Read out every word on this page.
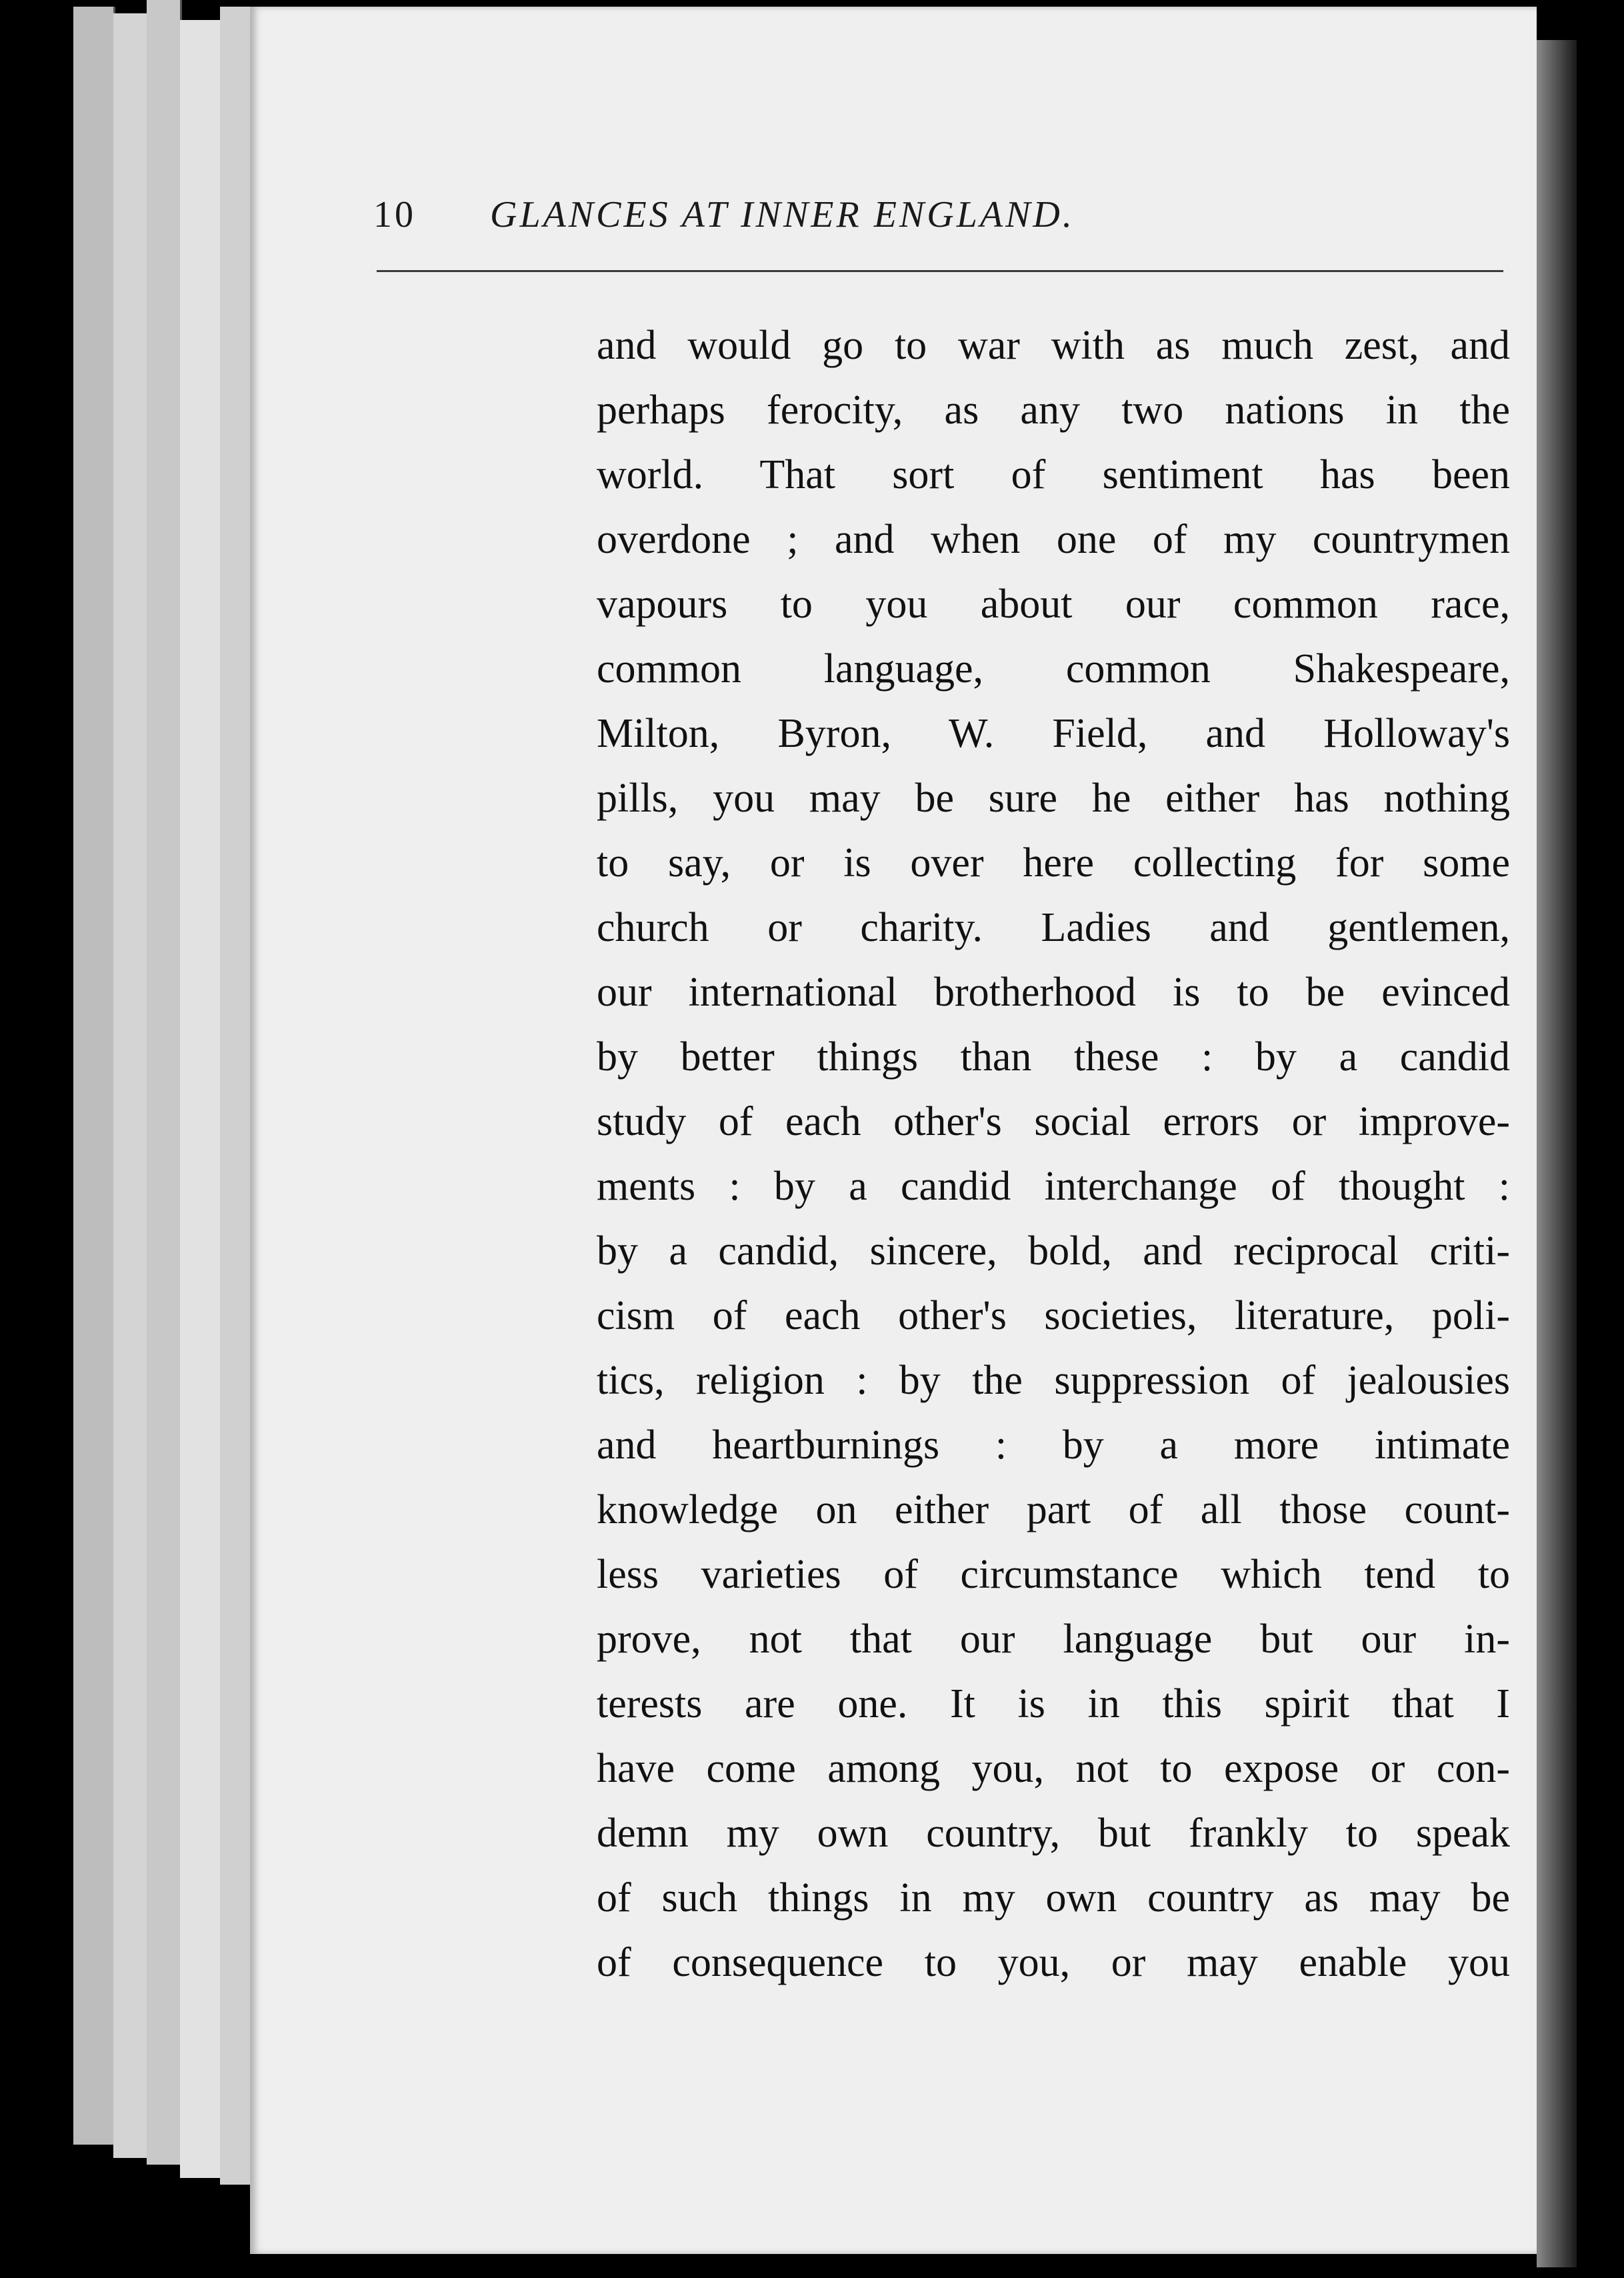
10 GLANCES AT INNER ENGLAND.
and would go to war with as much zest, and
perhaps ferocity, as any two nations in the
world. That sort of sentiment has been
overdone ; and when one of my countrymen
vapours to you about our common race,
common language, common Shakespeare,
Milton, Byron, W. Field, and Holloway's
pills, you may be sure he either has nothing
to say, or is over here collecting for some
church or charity. Ladies and gentlemen,
our international brotherhood is to be evinced
by better things than these : by a candid
study of each other's social errors or improve-
ments : by a candid interchange of thought :
by a candid, sincere, bold, and reciprocal criti-
cism of each other's societies, literature, poli-
tics, religion : by the suppression of jealousies
and heartburnings : by a more intimate
knowledge on either part of all those count-
less varieties of circumstance which tend to
prove, not that our language but our in-
terests are one. It is in this spirit that I
have come among you, not to expose or con-
demn my own country, but frankly to speak
of such things in my own country as may be
of consequence to you, or may enable you
